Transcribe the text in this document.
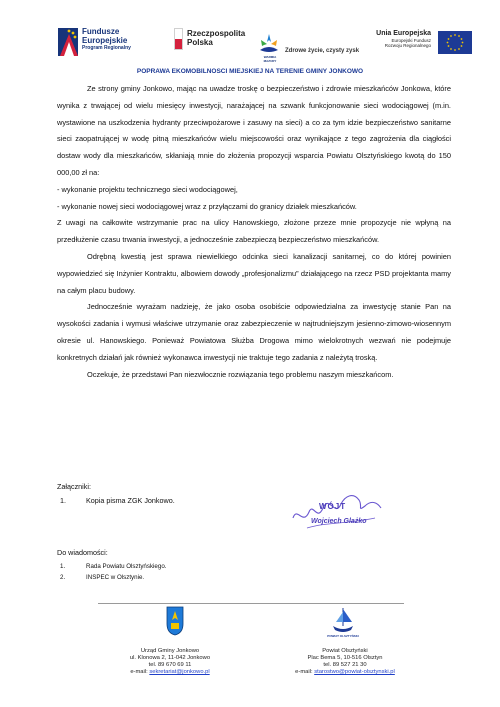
Fundusze
Europejskie
Program Regionalny
Rzeczpospolita
Polska
WARMIA
MAZURY
Zdrowe życie, czysty zysk
Unia Europejska
Europejski Fundusz
Rozwoju Regionalnego
POPRAWA EKOMOBILNOSCI MIEJSKIEJ NA TERENIE GMINY JONKOWO

Ze strony gminy Jonkowo, mając na uwadze troskę o bezpieczeństwo i zdrowie mieszkańców Jonkowa, które wynika z trwającej od wielu miesięcy inwestycji, narażającej na szwank funkcjonowanie sieci wodociągowej (m.in. wystawione na uszkodzenia hydranty przeciwpożarowe i zasuwy na sieci) a co za tym idzie bezpieczeństwo sanitarne sieci zaopatrującej w wodę pitną mieszkańców wielu miejscowości oraz wynikające z tego zagrożenia dla ciągłości dostaw wody dla mieszkańców, skłaniają mnie do złożenia propozycji wsparcia Powiatu Olsztyńskiego kwotą do 150 000,00 zł na:

- wykonanie projektu technicznego sieci wodociągowej,

- wykonanie nowej sieci wodociągowej wraz z przyłączami do granicy działek mieszkańców.

Z uwagi na całkowite wstrzymanie prac na ulicy Hanowskiego, złożone przeze mnie propozycje nie wpłyną na przedłużenie czasu trwania inwestycji, a jednocześnie zabezpieczą bezpieczeństwo mieszkańców.

Odrębną kwestią jest sprawa niewielkiego odcinka sieci kanalizacji sanitarnej, co do której powinien wypowiedzieć się Inżynier Kontraktu, albowiem dowody „profesjonalizmu” działającego na rzecz PSD projektanta mamy na całym placu budowy.

Jednocześnie wyrażam nadzieję, że jako osoba osobiście odpowiedzialna za inwestycję stanie Pan na wysokości zadania i wymusi właściwe utrzymanie oraz zabezpieczenie w najtrudniejszym jesienno-zimowo-wiosennym okresie ul. Hanowskiego. Ponieważ Powiatowa Służba Drogowa mimo wielokrotnych wezwań nie podejmuje konkretnych działań jak również wykonawca inwestycji nie traktuje tego zadania z należytą troską.

Oczekuje, że przedstawi Pan niezwłocznie rozwiązania tego problemu naszym mieszkańcom.

WÓJT
Wojciech Glażko
Załączniki:
1.	Kopia pisma ZGK Jonkowo.
Do wiadomości:
1.	Rada Powiatu Olsztyńskiego.
2.	INSPEC w Olsztynie.
POWIAT OLSZTYŃSKI
Urząd Gminy Jonkowo
ul. Klonowa 2, 11-042 Jonkowo
tel. 89 670 69 11
e-mail: sekretariat@jonkowo.pl
Powiat Olsztyński
Plac Bema 5, 10-516 Olsztyn
tel. 89 527 21 30
e-mail: starostwo@powiat-olsztynski.pl
